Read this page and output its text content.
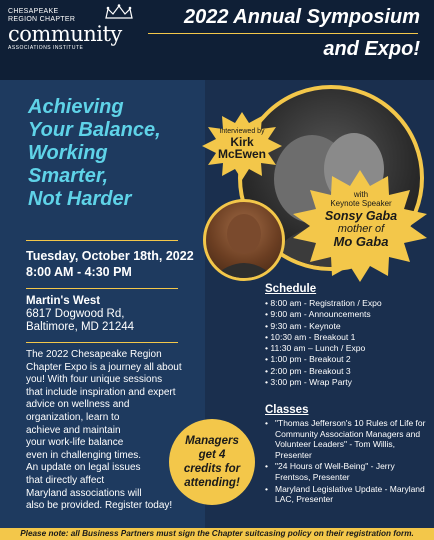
CHESAPEAKE
REGION CHAPTER
community
ASSOCIATIONS INSTITUTE
2022 Annual Symposium
and Expo!
Achieving
Your Balance,
Working
Smarter,
Not Harder
Tuesday, October 18th, 2022
8:00 AM - 4:30 PM
Martin's West
6817 Dogwood Rd,
Baltimore, MD 21244
The 2022 Chesapeake Region
Chapter Expo is a journey all about
you! With four unique sessions
that include inspiration and expert
advice on wellness and
organization, learn to
achieve and maintain
your work-life balance
even in challenging times.
An update on legal issues
that directly affect
Maryland associations will
also be provided. Register today!
Interviewed by
Kirk
McEwen
with
Keynote Speaker
Sonsy Gaba
mother of
Mo Gaba
Schedule
• 8:00 am - Registration / Expo
• 9:00 am - Announcements
• 9:30 am - Keynote
• 10:30 am - Breakout 1
• 11:30 am – Lunch / Expo
• 1:00 pm - Breakout 2
• 2:00 pm - Breakout 3
• 3:00 pm - Wrap Party
Classes
• "Thomas Jefferson's 10 Rules of Life for Community Association Managers and Volunteer Leaders" - Tom Willis, Presenter
• "24 Hours of Well-Being" - Jerry Frentsos, Presenter
• Maryland Legislative Update - Maryland LAC, Presenter
Managers
get 4
credits for
attending!
Please note: all Business Partners must sign the Chapter suitcasing policy on their registration form.
